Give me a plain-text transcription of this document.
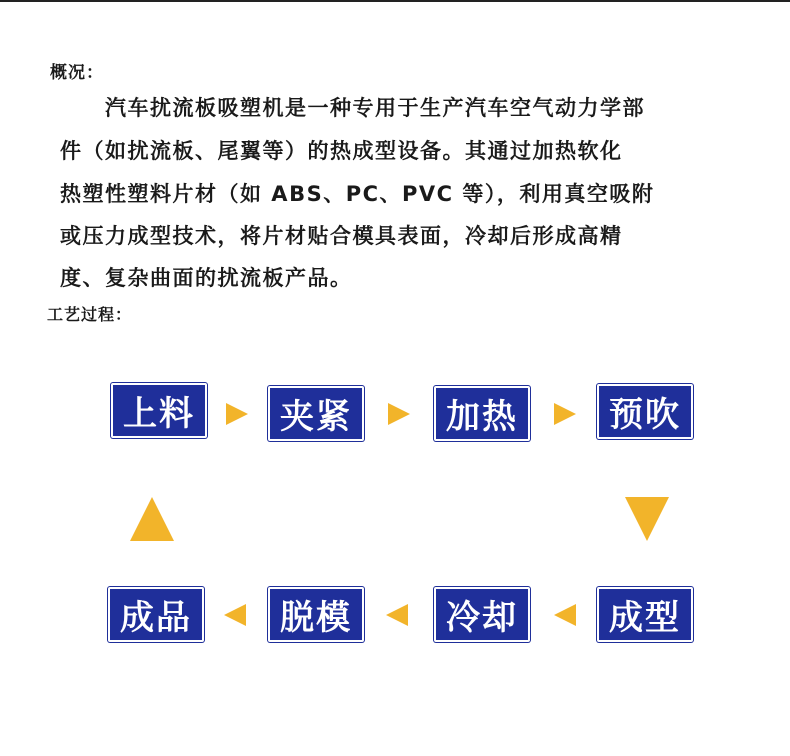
概况：
　　汽车扰流板吸塑机是一种专用于生产汽车空气动力学部
件（如扰流板、尾翼等）的热成型设备。其通过加热软化
热塑性塑料片材（如 ABS、PC、PVC 等），利用真空吸附
或压力成型技术，将片材贴合模具表面，冷却后形成高精
度、复杂曲面的扰流板产品。
工艺过程：
上料	夹紧	加热	预吹
成品	脱模	冷却	成型
